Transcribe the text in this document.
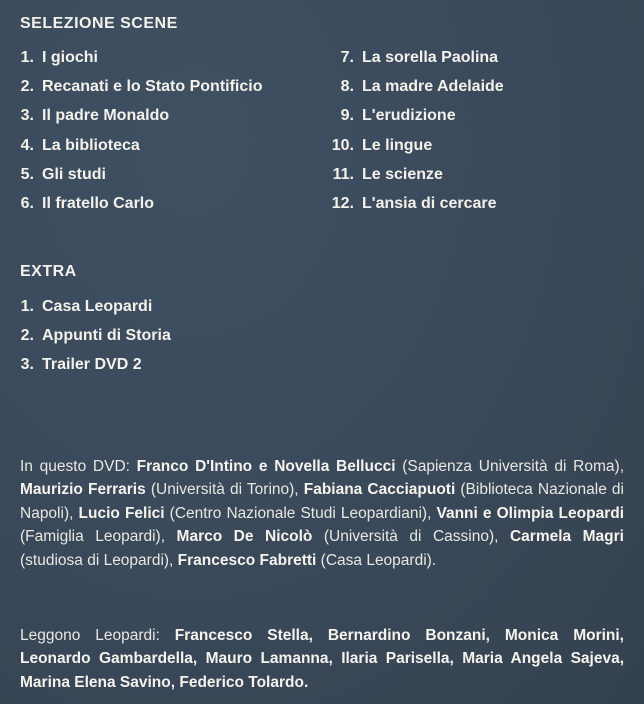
SELEZIONE SCENE
1. I giochi
2. Recanati e lo Stato Pontificio
3. Il padre Monaldo
4. La biblioteca
5. Gli studi
6. Il fratello Carlo
7. La sorella Paolina
8. La madre Adelaide
9. L'erudizione
10. Le lingue
11. Le scienze
12. L'ansia di cercare
EXTRA
1. Casa Leopardi
2. Appunti di Storia
3. Trailer DVD 2

In questo DVD: Franco D'Intino e Novella Bellucci (Sapienza Università di Roma), Maurizio Ferraris (Università di Torino), Fabiana Cacciapuoti (Biblioteca Nazionale di Napoli), Lucio Felici (Centro Nazionale Studi Leopardiani), Vanni e Olimpia Leopardi (Famiglia Leopardi), Marco De Nicolò (Università di Cassino), Carmela Magri (studiosa di Leopardi), Francesco Fabretti (Casa Leopardi).

Leggono Leopardi: Francesco Stella, Bernardino Bonzani, Monica Morini, Leonardo Gambardella, Mauro Lamanna, Ilaria Parisella, Maria Angela Sajeva, Marina Elena Savino, Federico Tolardo.
